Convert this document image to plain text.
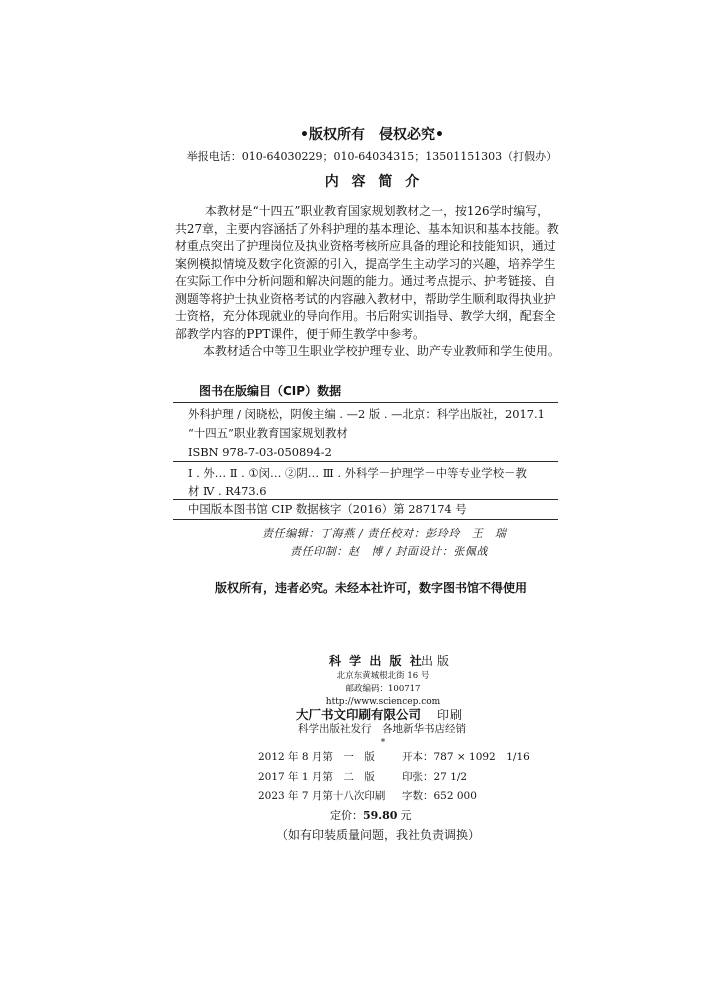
•版权所有　侵权必究•
举报电话：010-64030229；010-64034315；13501151303（打假办）
内 容 简 介
本教材是“十四五”职业教育国家规划教材之一，按126学时编写，
共27章，主要内容涵括了外科护理的基本理论、基本知识和基本技能。教
材重点突出了护理岗位及执业资格考核所应具备的理论和技能知识，通过
案例模拟情境及数字化资源的引入，提高学生主动学习的兴趣，培养学生
在实际工作中分析问题和解决问题的能力。通过考点提示、护考链接、自
测题等将护士执业资格考试的内容融入教材中，帮助学生顺利取得执业护
士资格，充分体现就业的导向作用。书后附实训指导、教学大纲，配套全
部教学内容的PPT课件，便于师生教学中参考。
本教材适合中等卫生职业学校护理专业、助产专业教师和学生使用。
图书在版编目（CIP）数据
外科护理 / 闵晓松，阴俊主编 . —2 版 . —北京：科学出版社，2017.1
“十四五”职业教育国家规划教材
ISBN 978-7-03-050894-2
Ⅰ . 外… Ⅱ . ①闵… ②阴… Ⅲ . 外科学－护理学－中等专业学校－教
材 Ⅳ . R473.6
中国版本图书馆 CIP 数据核字（2016）第 287174 号
责任编辑：丁海燕 / 责任校对：彭玲玲　王　瑞
责任印制：赵　博 / 封面设计：张佩战
版权所有，违者必究。未经本社许可，数字图书馆不得使用
科 学 出 版 社
出版
北京东黄城根北街 16 号
邮政编码：100717
http://www.sciencep.com
大厂书文印刷有限公司 印刷
科学出版社发行　各地新华书店经销
*
2012 年 8 月第　一　版	开本：787 × 1092　1/16
2017 年 1 月第　二　版	印张：27 1/2
2023 年 7 月第十八次印刷 字数：652 000
定价：59.80 元
（如有印装质量问题，我社负责调换）
